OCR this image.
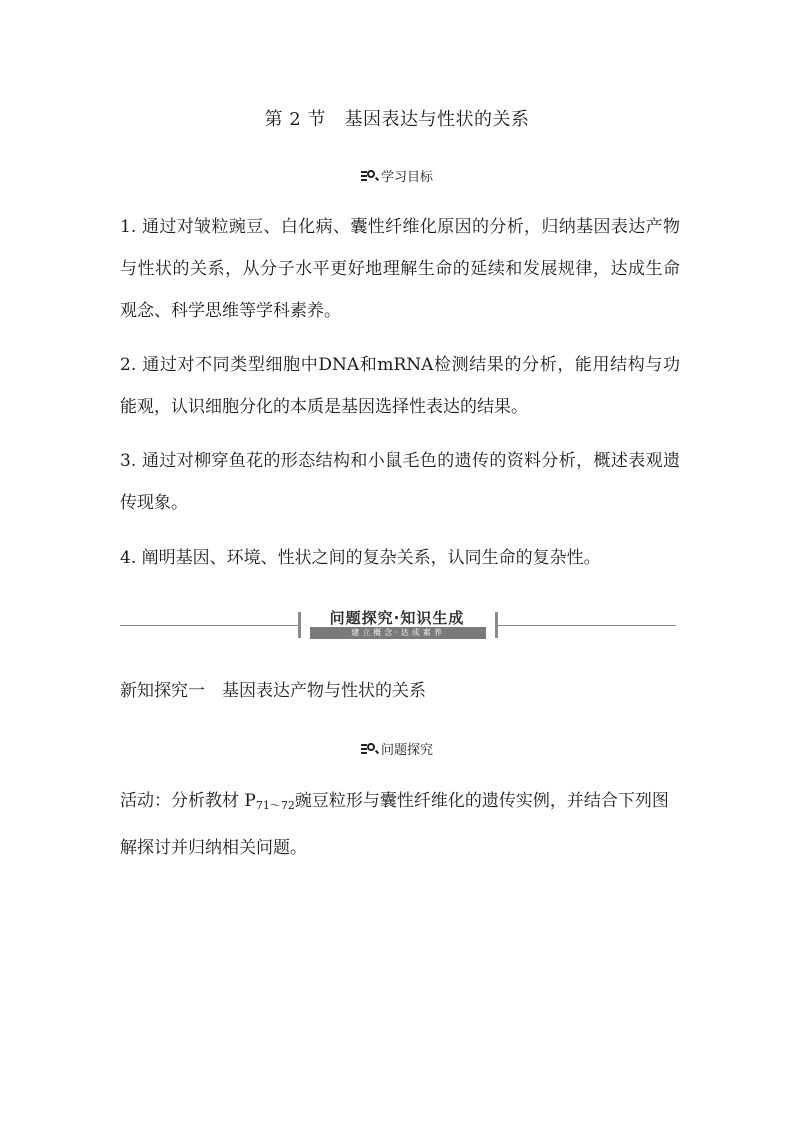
第 2 节　基因表达与性状的关系
学习目标
1. 通过对皱粒豌豆、白化病、囊性纤维化原因的分析，归纳基因表达产物与性状的关系，从分子水平更好地理解生命的延续和发展规律，达成生命观念、科学思维等学科素养。
2. 通过对不同类型细胞中DNA和mRNA检测结果的分析，能用结构与功能观，认识细胞分化的本质是基因选择性表达的结果。
3. 通过对柳穿鱼花的形态结构和小鼠毛色的遗传的资料分析，概述表观遗传现象。
4. 阐明基因、环境、性状之间的复杂关系，认同生命的复杂性。
问题探究·知识生成
建立概念·达成素养
新知探究一　基因表达产物与性状的关系
问题探究
活动：分析教材 $P_{71\sim 72}$豌豆粒形与囊性纤维化的遗传实例，并结合下列图解探讨并归纳相关问题。
